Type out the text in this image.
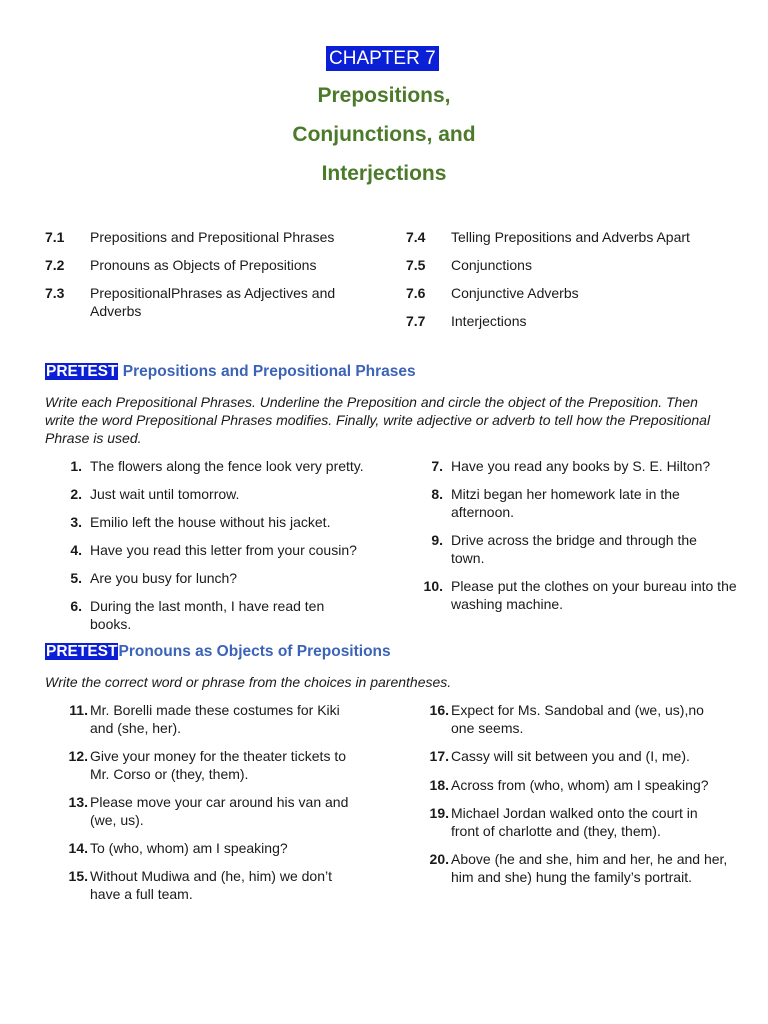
CHAPTER 7
Prepositions,
Conjunctions, and
Interjections
7.1 Prepositions and Prepositional Phrases
7.2 Pronouns as Objects of Prepositions
7.3 PrepositionalPhrases as Adjectives and Adverbs
7.4 Telling Prepositions and Adverbs Apart
7.5 Conjunctions
7.6 Conjunctive Adverbs
7.7 Interjections
PRETEST Prepositions and Prepositional Phrases
Write each Prepositional Phrases. Underline the Preposition and circle the object of the Preposition. Then write the word Prepositional Phrases modifies. Finally, write adjective or adverb to tell how the Prepositional Phrase is used.
1. The flowers along the fence look very pretty.
2. Just wait until tomorrow.
3. Emilio left the house without his jacket.
4. Have you read this letter from your cousin?
5. Are you busy for lunch?
6. During the last month, I have read ten books.
7. Have you read any books by S. E. Hilton?
8. Mitzi began her homework late in the afternoon.
9. Drive across the bridge and through the town.
10. Please put the clothes on your bureau into the washing machine.
PRETESTPronouns as Objects of Prepositions
Write the correct word or phrase from the choices in parentheses.
11. Mr. Borelli made these costumes for Kiki and (she, her).
12. Give your money for the theater tickets to Mr. Corso or (they, them).
13. Please move your car around his van and (we, us).
14. To (who, whom) am I speaking?
15. Without Mudiwa and (he, him) we don’t have a full team.
16. Expect for Ms. Sandobal and (we, us),no one seems.
17. Cassy will sit between you and (I, me).
18. Across from (who, whom) am I speaking?
19. Michael Jordan walked onto the court in front of charlotte and (they, them).
20. Above (he and she, him and her, he and her, him and she) hung the family’s portrait.
